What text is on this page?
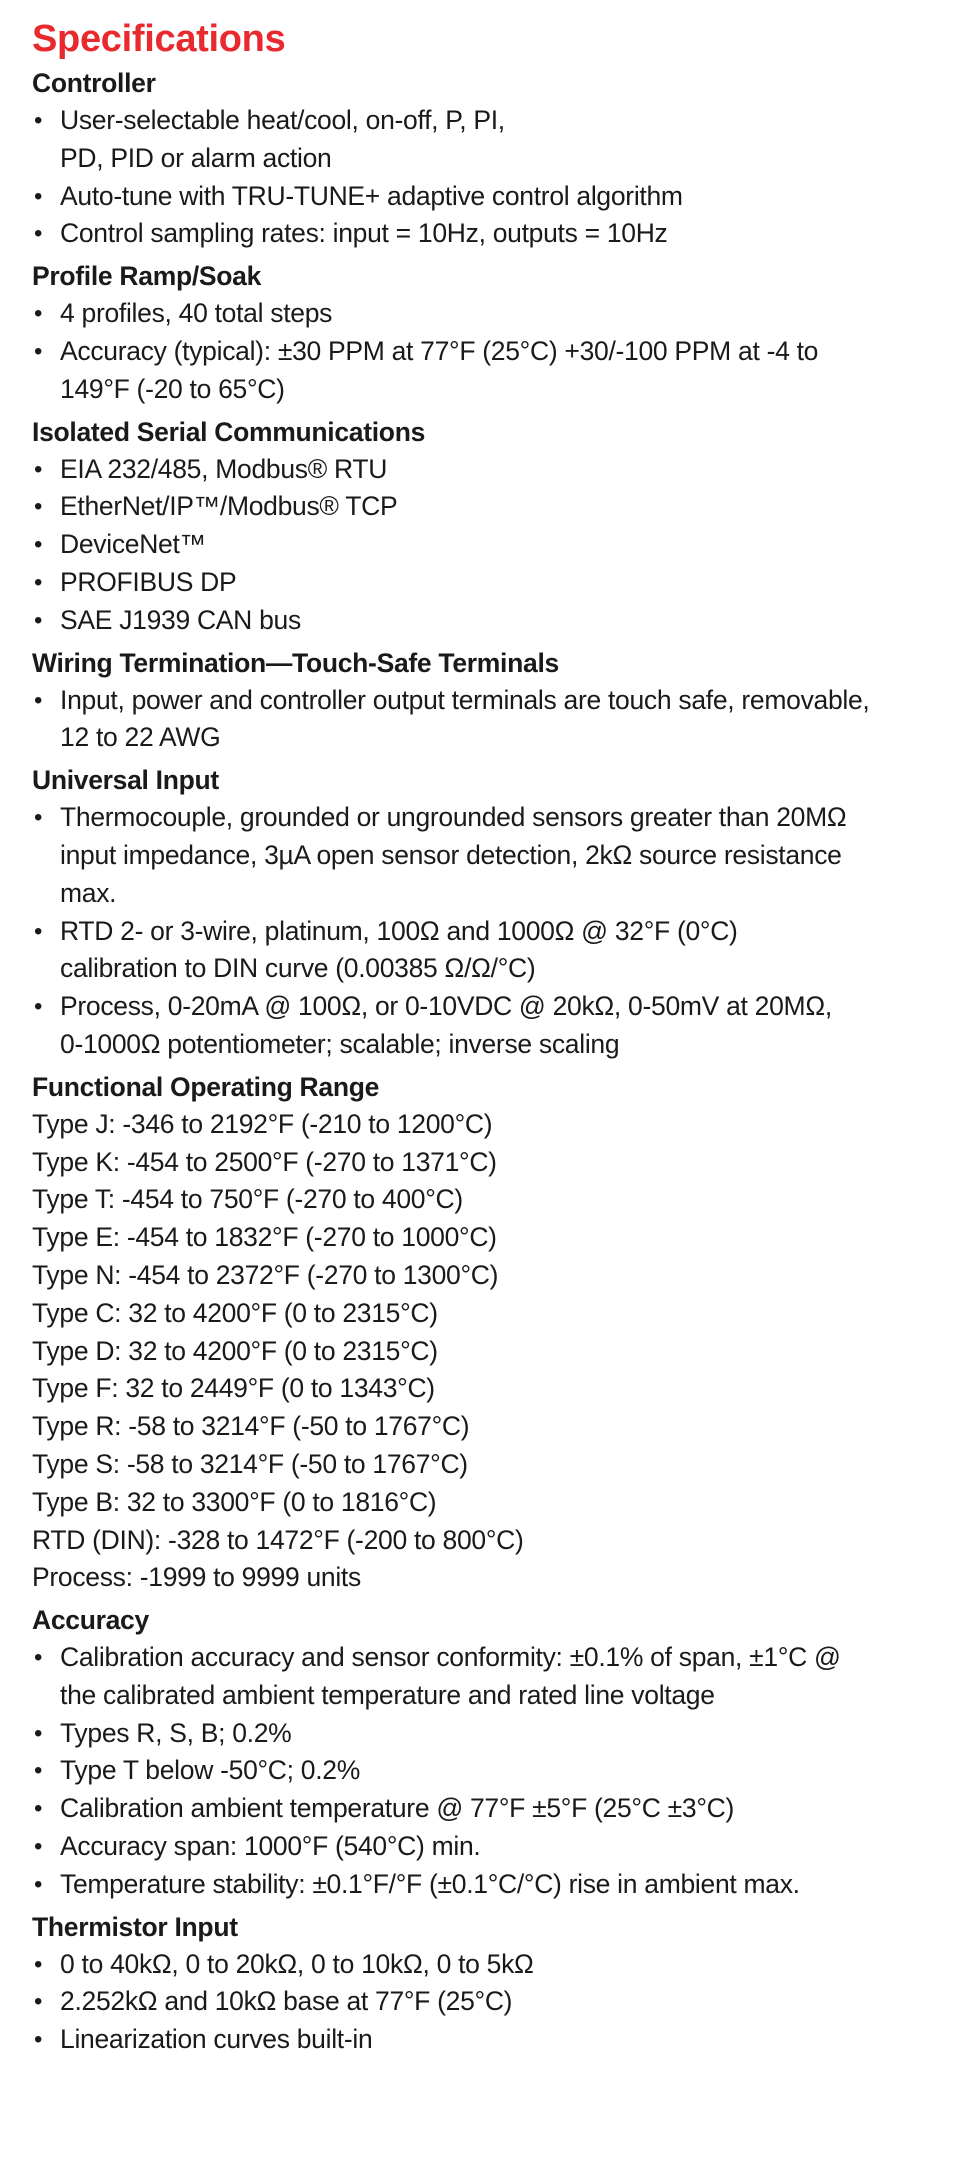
Specifications
Controller
• User-selectable heat/cool, on-off, P, PI, PD, PID or alarm action
• Auto-tune with TRU-TUNE+ adaptive control algorithm
• Control sampling rates: input = 10Hz, outputs = 10Hz
Profile Ramp/Soak
• 4 profiles, 40 total steps
• Accuracy (typical): ±30 PPM at 77°F (25°C) +30/-100 PPM at -4 to 149°F (-20 to 65°C)
Isolated Serial Communications
• EIA 232/485, Modbus® RTU
• EtherNet/IP™/Modbus® TCP
• DeviceNet™
• PROFIBUS DP
• SAE J1939 CAN bus
Wiring Termination—Touch-Safe Terminals
• Input, power and controller output terminals are touch safe, removable, 12 to 22 AWG
Universal Input
• Thermocouple, grounded or ungrounded sensors greater than 20MΩ input impedance, 3µA open sensor detection, 2kΩ source resistance max.
• RTD 2- or 3-wire, platinum, 100Ω and 1000Ω @ 32°F (0°C) calibration to DIN curve (0.00385 Ω/Ω/°C)
• Process, 0-20mA @ 100Ω, or 0-10VDC @ 20kΩ, 0-50mV at 20MΩ, 0-1000Ω potentiometer; scalable; inverse scaling
Functional Operating Range
Type J: -346 to 2192°F (-210 to 1200°C)
Type K: -454 to 2500°F (-270 to 1371°C)
Type T: -454 to 750°F (-270 to 400°C)
Type E: -454 to 1832°F (-270 to 1000°C)
Type N: -454 to 2372°F (-270 to 1300°C)
Type C: 32 to 4200°F (0 to 2315°C)
Type D: 32 to 4200°F (0 to 2315°C)
Type F: 32 to 2449°F (0 to 1343°C)
Type R: -58 to 3214°F (-50 to 1767°C)
Type S: -58 to 3214°F (-50 to 1767°C)
Type B: 32 to 3300°F (0 to 1816°C)
RTD (DIN): -328 to 1472°F (-200 to 800°C)
Process: -1999 to 9999 units
Accuracy
• Calibration accuracy and sensor conformity: ±0.1% of span, ±1°C @ the calibrated ambient temperature and rated line voltage
• Types R, S, B; 0.2%
• Type T below -50°C; 0.2%
• Calibration ambient temperature @ 77°F ±5°F (25°C ±3°C)
• Accuracy span: 1000°F (540°C) min.
• Temperature stability: ±0.1°F/°F (±0.1°C/°C) rise in ambient max.
Thermistor Input
• 0 to 40kΩ, 0 to 20kΩ, 0 to 10kΩ, 0 to 5kΩ
• 2.252kΩ and 10kΩ base at 77°F (25°C)
• Linearization curves built-in
